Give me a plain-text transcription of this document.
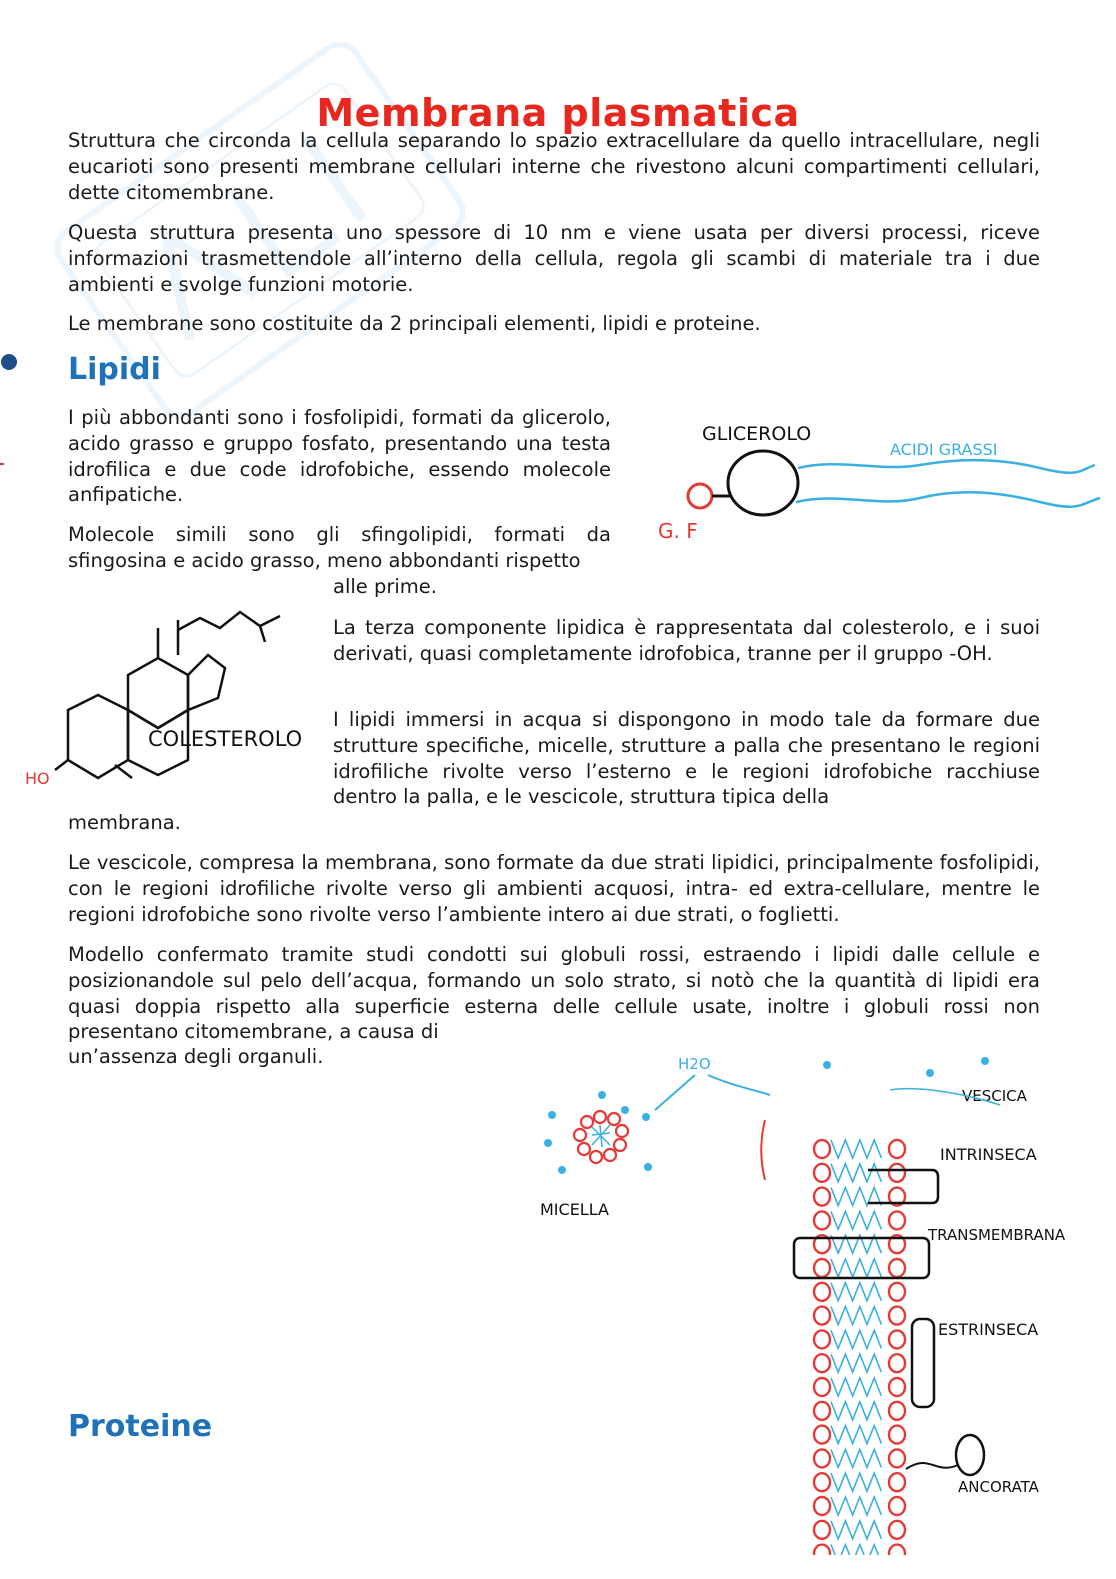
Membrana plasmatica

Struttura che circonda la cellula separando lo spazio extracellulare da quello intracellulare, negli eucarioti sono presenti membrane cellulari interne che rivestono alcuni compartimenti cellulari, dette citomembrane.

Questa struttura presenta uno spessore di 10 nm e viene usata per diversi processi, riceve informazioni trasmettendole all’interno della cellula, regola gli scambi di materiale tra i due ambienti e svolge funzioni motorie.

Le membrane sono costituite da 2 principali elementi, lipidi e proteine.

Lipidi

I più abbondanti sono i fosfolipidi, formati da glicerolo, acido grasso e gruppo fosfato, presentando una testa idrofilica e due code idrofobiche, essendo molecole anfipatiche.

Molecole simili sono gli sfingolipidi, formati da sfingosina e acido grasso, meno abbondanti rispetto

alle prime.

La terza componente lipidica è rappresentata dal colesterolo, e i suoi derivati, quasi completamente idrofobica, tranne per il gruppo -OH.

I lipidi immersi in acqua si dispongono in modo tale da formare due strutture specifiche, micelle, strutture a palla che presentano le regioni idrofiliche rivolte verso l’esterno e le regioni idrofobiche racchiuse dentro la palla, e le vescicole, struttura tipica della

membrana.

Le vescicole, compresa la membrana, sono formate da due strati lipidici, principalmente fosfolipidi, con le regioni idrofiliche rivolte verso gli ambienti acquosi, intra- ed extra-cellulare, mentre le regioni idrofobiche sono rivolte verso l’ambiente intero ai due strati, o foglietti.

Modello confermato tramite studi condotti sui globuli rossi, estraendo i lipidi dalle cellule e posizionandole sul pelo dell’acqua, formando un solo strato, si notò che la quantità di lipidi era quasi doppia rispetto alla superficie esterna delle cellule usate, inoltre i globuli rossi non presentano citomembrane, a causa di

un’assenza degli organuli.

Proteine
GLICEROLO
ACIDI GRASSI
G. F
HO
COLESTEROLO
H2O
MICELLA
VESCICA
INTRINSECA
TRANSMEMBRANA
ESTRINSECA
ANCORATA
